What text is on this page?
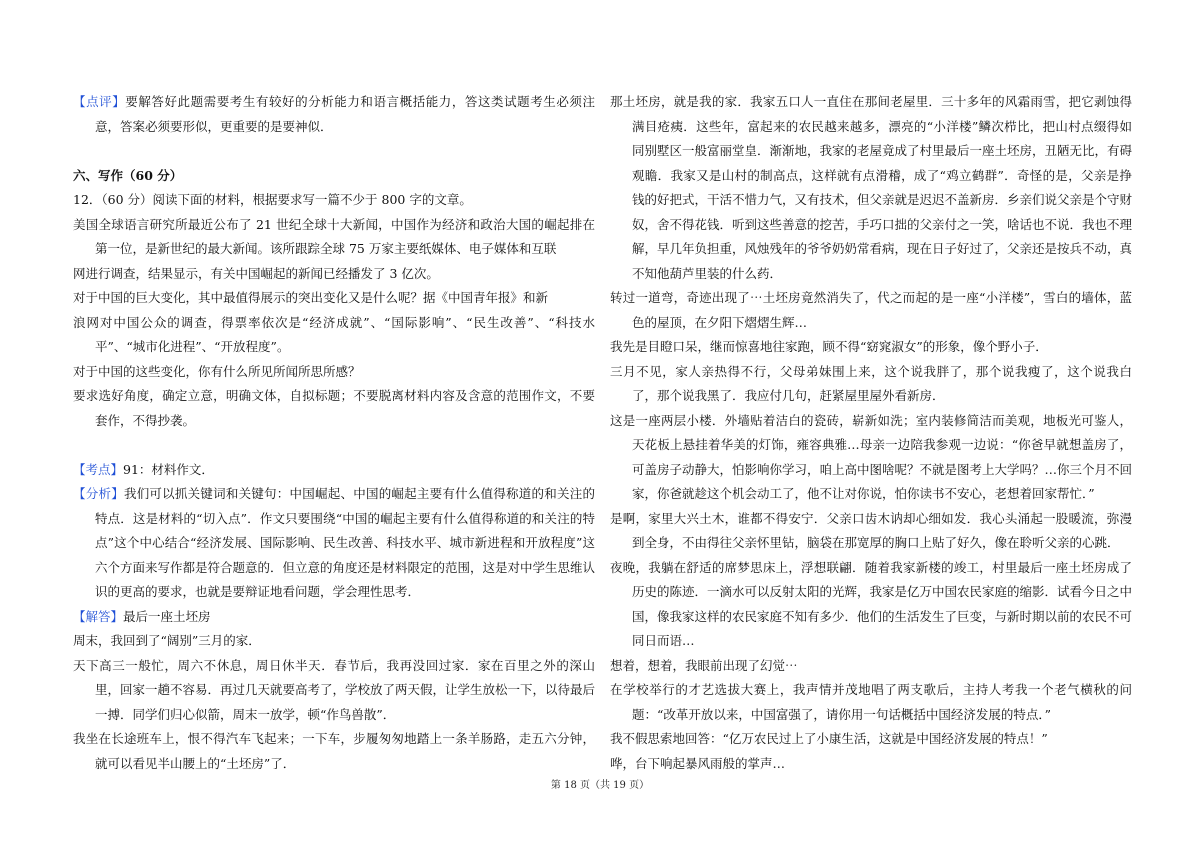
【点评】要解答好此题需要考生有较好的分析能力和语言概括能力，答这类试题考生必须注意，答案必须要形似，更重要的是要神似．

六、写作（60 分）

12．（60 分）阅读下面的材料，根据要求写一篇不少于 800 字的文章。

美国全球语言研究所最近公布了 21 世纪全球十大新闻，中国作为经济和政治大国的崛起排在第一位，是新世纪的最大新闻。该所跟踪全球 75 万家主要纸媒体、电子媒体和互联

网进行调查，结果显示，有关中国崛起的新闻已经播发了 3 亿次。

对于中国的巨大变化，其中最值得展示的突出变化又是什么呢？据《中国青年报》和新

浪网对中国公众的调查，得票率依次是“经济成就”、“国际影响”、“民生改善”、“科技水平”、“城市化进程”、“开放程度”。

对于中国的这些变化，你有什么所见所闻所思所感？

要求选好角度，确定立意，明确文体，自拟标题；不要脱离材料内容及含意的范围作文，不要套作，不得抄袭。

【考点】91：材料作文．

【分析】我们可以抓关键词和关键句：中国崛起、中国的崛起主要有什么值得称道的和关注的特点．这是材料的“切入点”．作文只要围绕“中国的崛起主要有什么值得称道的和关注的特点”这个中心结合“经济发展、国际影响、民生改善、科技水平、城市新进程和开放程度”这六个方面来写作都是符合题意的．但立意的角度还是材料限定的范围，这是对中学生思维认识的更高的要求，也就是要辩证地看问题，学会理性思考．

【解答】最后一座土坯房

周末，我回到了“阔别”三月的家．

天下高三一般忙，周六不休息，周日休半天．春节后，我再没回过家．家在百里之外的深山里，回家一趟不容易．再过几天就要高考了，学校放了两天假，让学生放松一下，以待最后一搏．同学们归心似箭，周末一放学，顿“作鸟兽散”．

我坐在长途班车上，恨不得汽车飞起来；一下车，步履匆匆地踏上一条羊肠路，走五六分钟，就可以看见半山腰上的“土坯房”了．

那土坯房，就是我的家．我家五口人一直住在那间老屋里．三十多年的风霜雨雪，把它剥蚀得满目疮痍．这些年，富起来的农民越来越多，漂亮的“小洋楼”鳞次栉比，把山村点缀得如同别墅区一般富丽堂皇．渐渐地，我家的老屋竟成了村里最后一座土坯房，丑陋无比，有碍观瞻．我家又是山村的制高点，这样就有点滑稽，成了“鸡立鹤群”．奇怪的是，父亲是挣钱的好把式，干活不惜力气，又有技术，但父亲就是迟迟不盖新房．乡亲们说父亲是个守财奴，舍不得花钱．听到这些善意的挖苦，手巧口拙的父亲付之一笑，啥话也不说．我也不理解，早几年负担重，风烛残年的爷爷奶奶常看病，现在日子好过了，父亲还是按兵不动，真不知他葫芦里装的什么药．

转过一道弯，奇迹出现了⋯土坯房竟然消失了，代之而起的是一座“小洋楼”，雪白的墙体，蓝色的屋顶，在夕阳下熠熠生辉…

我先是目瞪口呆，继而惊喜地往家跑，顾不得“窈窕淑女”的形象，像个野小子．

三月不见，家人亲热得不行，父母弟妹围上来，这个说我胖了，那个说我瘦了，这个说我白了，那个说我黑了．我应付几句，赶紧屋里屋外看新房．

这是一座两层小楼．外墙贴着洁白的瓷砖，崭新如洗；室内装修简洁而美观，地板光可鉴人，天花板上悬挂着华美的灯饰，雍容典雅…母亲一边陪我参观一边说：“你爸早就想盖房了，可盖房子动静大，怕影响你学习，咱上高中图啥呢？不就是图考上大学吗？…你三个月不回家，你爸就趁这个机会动工了，他不让对你说，怕你读书不安心，老想着回家帮忙．”

是啊，家里大兴土木，谁都不得安宁．父亲口齿木讷却心细如发．我心头涌起一股暖流，弥漫到全身，不由得往父亲怀里钻，脑袋在那宽厚的胸口上贴了好久，像在聆听父亲的心跳．

夜晚，我躺在舒适的席梦思床上，浮想联翩．随着我家新楼的竣工，村里最后一座土坯房成了历史的陈迹．一滴水可以反射太阳的光辉，我家是亿万中国农民家庭的缩影．试看今日之中国，像我家这样的农民家庭不知有多少．他们的生活发生了巨变，与新时期以前的农民不可同日而语…

想着，想着，我眼前出现了幻觉⋯

在学校举行的才艺选拔大赛上，我声情并茂地唱了两支歌后，主持人考我一个老气横秋的问题：“改革开放以来，中国富强了，请你用一句话概括中国经济发展的特点．”

我不假思索地回答：“亿万农民过上了小康生活，这就是中国经济发展的特点！”

哗，台下响起暴风雨般的掌声…

第 18 页（共 19 页）
